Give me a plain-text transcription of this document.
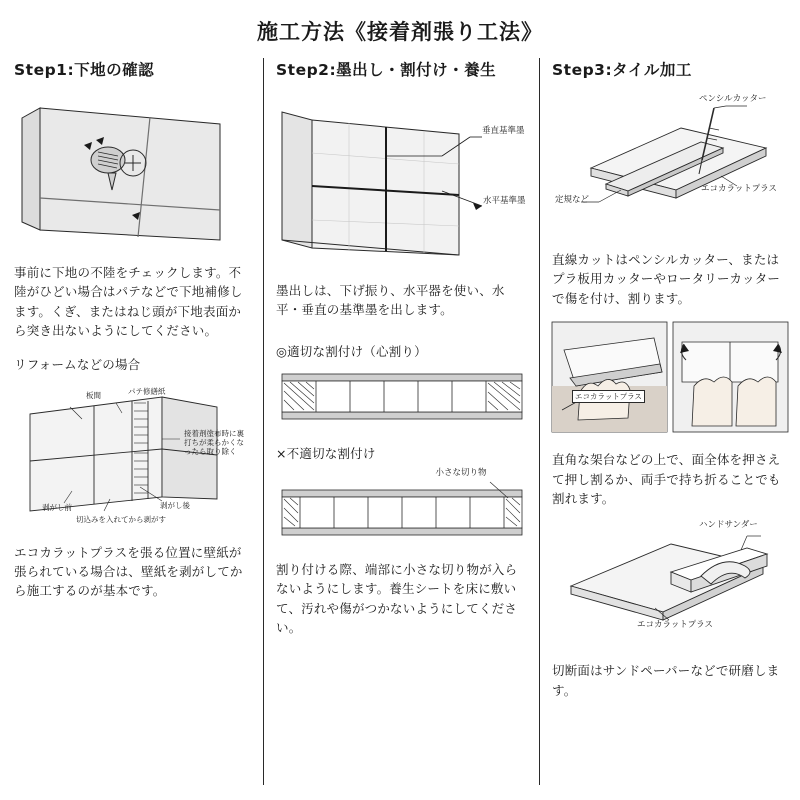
施工方法《接着剤張り工法》
Step1:下地の確認
事前に下地の不陸をチェックします。不陸がひどい場合はパテなどで下地補修します。くぎ、またはねじ頭が下地表面から突き出ないようにしてください。
リフォームなどの場合
板間	パテ修繕紙
接着剤塗布時に裏打ちが柔らかくなったら取り除く
剥がし前	剥がし後
切込みを入れてから剥がす
エコカラットプラスを張る位置に壁紙が張られている場合は、壁紙を剥がしてから施工するのが基本です。
Step2:墨出し・割付け・養生
垂直基準墨
水平基準墨
墨出しは、下げ振り、水平器を使い、水平・垂直の基準墨を出します。
◎適切な割付け（心割り）
×不適切な割付け
小さな切り物
割り付ける際、端部に小さな切り物が入らないようにします。養生シートを床に敷いて、汚れや傷がつかないようにしてください。
Step3:タイル加工
ペンシルカッター
定規など
エコカラットプラス
直線カットはペンシルカッター、またはプラ板用カッターやロータリーカッターで傷を付け、割ります。
エコカラットプラス
直角な架台などの上で、面全体を押さえて押し割るか、両手で持ち折ることでも割れます。
ハンドサンダー
エコカラットプラス
切断面はサンドペーパーなどで研磨します。
